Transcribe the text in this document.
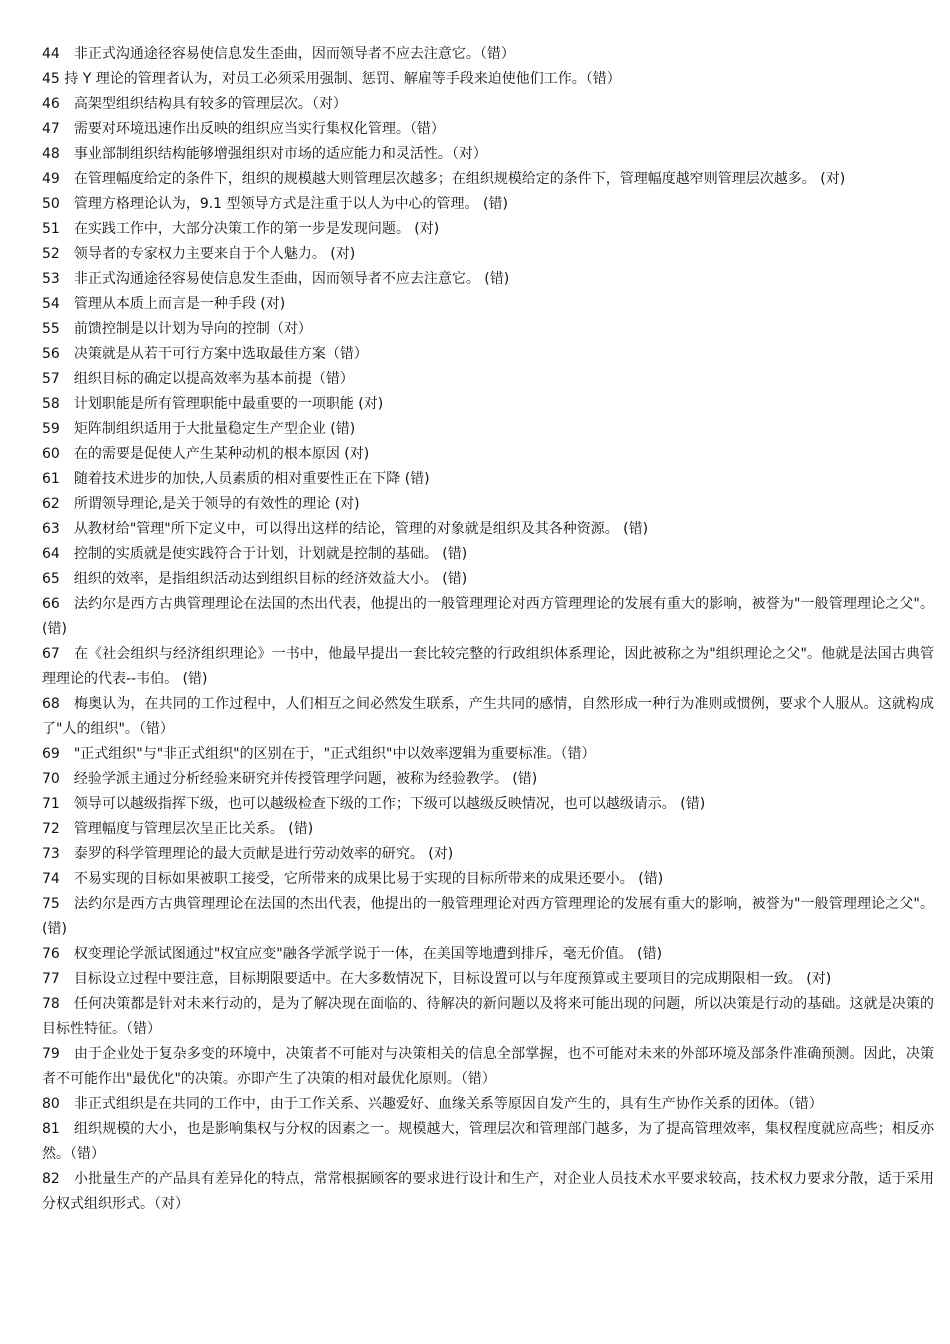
44　非正式沟通途径容易使信息发生歪曲，因而领导者不应去注意它。（错）

45 持 Y 理论的管理者认为，对员工必须采用强制、惩罚、解雇等手段来迫使他们工作。（错）

46　高架型组织结构具有较多的管理层次。（对）

47　需要对环境迅速作出反映的组织应当实行集权化管理。（错）

48　事业部制组织结构能够增强组织对市场的适应能力和灵活性。（对）

49　在管理幅度给定的条件下，组织的规模越大则管理层次越多；在组织规模给定的条件下，管理幅度越窄则管理层次越多。 (对)

50　管理方格理论认为，9.1 型领导方式是注重于以人为中心的管理。 (错)

51　在实践工作中，大部分决策工作的第一步是发现问题。 (对)

52　领导者的专家权力主要来自于个人魅力。 (对)

53　非正式沟通途径容易使信息发生歪曲，因而领导者不应去注意它。 (错)

54　管理从本质上而言是一种手段 (对)

55　前馈控制是以计划为导向的控制（对）

56　决策就是从若干可行方案中选取最佳方案（错）

57　组织目标的确定以提高效率为基本前提（错）

58　计划职能是所有管理职能中最重要的一项职能 (对)

59　矩阵制组织适用于大批量稳定生产型企业 (错)

60　在的需要是促使人产生某种动机的根本原因 (对)

61　随着技术进步的加快,人员素质的相对重要性正在下降 (错)

62　所谓领导理论,是关于领导的有效性的理论 (对)

63　从教材给"管理"所下定义中，可以得出这样的结论，管理的对象就是组织及其各种资源。 (错)

64　控制的实质就是使实践符合于计划，计划就是控制的基础。 (错)

65　组织的效率，是指组织活动达到组织目标的经济效益大小。 (错)

66　法约尔是西方古典管理理论在法国的杰出代表，他提出的一般管理理论对西方管理理论的发展有重大的影响，被誉为"一般管理理论之父"。 (错)

67　在《社会组织与经济组织理论》一书中，他最早提出一套比较完整的行政组织体系理论，因此被称之为"组织理论之父"。他就是法国古典管理理论的代表--韦伯。 (错)

68　梅奥认为，在共同的工作过程中，人们相互之间必然发生联系，产生共同的感情，自然形成一种行为准则或惯例，要求个人服从。这就构成了"人的组织"。（错）

69　"正式组织"与"非正式组织"的区别在于，"正式组织"中以效率逻辑为重要标准。（错）

70　经验学派主通过分析经验来研究并传授管理学问题，被称为经验教学。 (错)

71　领导可以越级指挥下级，也可以越级检查下级的工作；下级可以越级反映情况，也可以越级请示。 (错)

72　管理幅度与管理层次呈正比关系。 (错)

73　泰罗的科学管理理论的最大贡献是进行劳动效率的研究。 (对)

74　不易实现的目标如果被职工接受，它所带来的成果比易于实现的目标所带来的成果还要小。 (错)

75　法约尔是西方古典管理理论在法国的杰出代表，他提出的一般管理理论对西方管理理论的发展有重大的影响，被誉为"一般管理理论之父"。 (错)

76　权变理论学派试图通过"权宜应变"融各学派学说于一体，在美国等地遭到排斥，毫无价值。 (错)

77　目标设立过程中要注意，目标期限要适中。在大多数情况下，目标设置可以与年度预算或主要项目的完成期限相一致。 (对)

78　任何决策都是针对未来行动的，是为了解决现在面临的、待解决的新问题以及将来可能出现的问题，所以决策是行动的基础。这就是决策的目标性特征。（错）

79　由于企业处于复杂多变的环境中，决策者不可能对与决策相关的信息全部掌握，也不可能对未来的外部环境及部条件准确预测。因此，决策者不可能作出"最优化"的决策。亦即产生了决策的相对最优化原则。（错）

80　非正式组织是在共同的工作中，由于工作关系、兴趣爱好、血缘关系等原因自发产生的，具有生产协作关系的团体。（错）

81　组织规模的大小，也是影响集权与分权的因素之一。规模越大，管理层次和管理部门越多，为了提高管理效率，集权程度就应高些；相反亦然。（错）

82　小批量生产的产品具有差异化的特点，常常根据顾客的要求进行设计和生产，对企业人员技术水平要求较高，技术权力要求分散，适于采用分权式组织形式。（对）
